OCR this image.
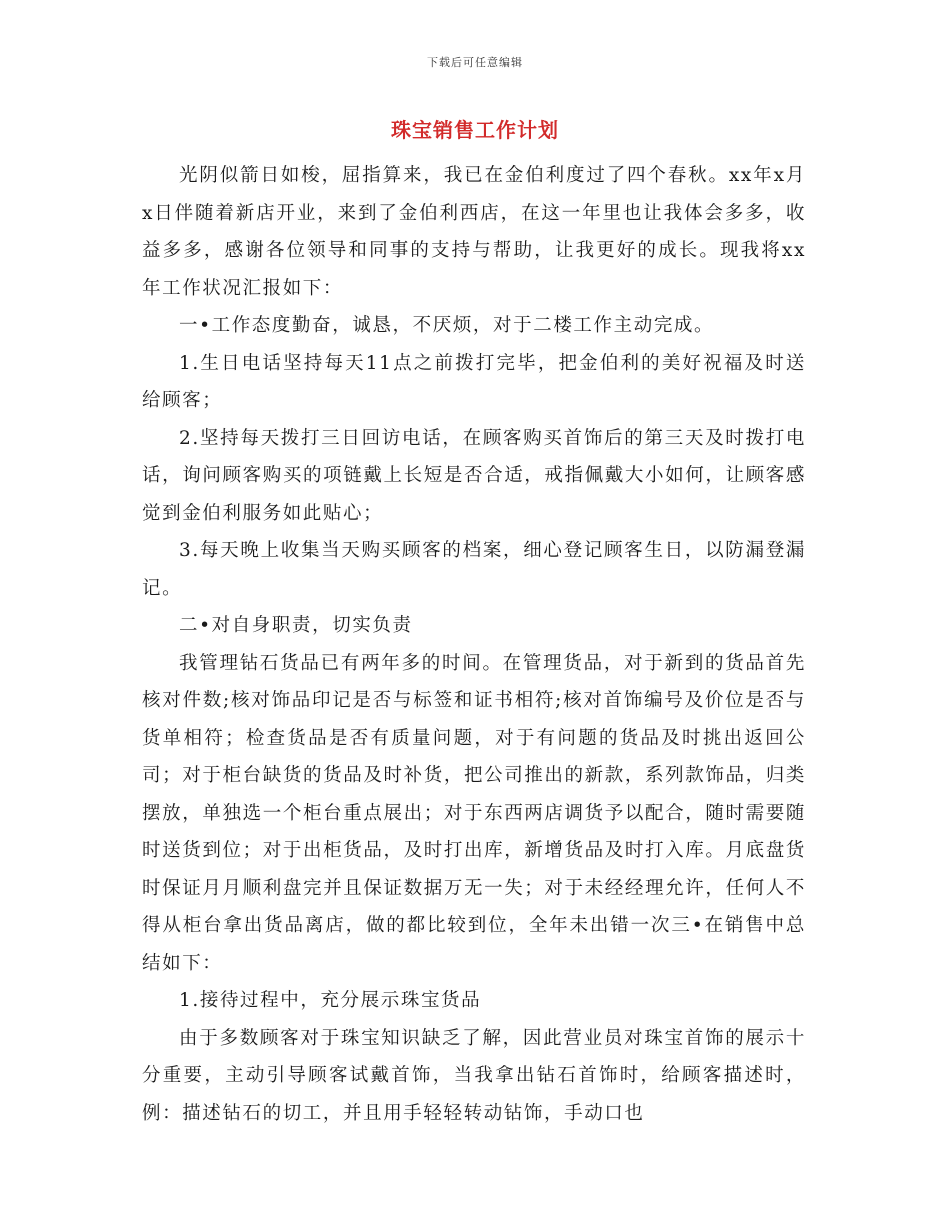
下载后可任意编辑
珠宝销售工作计划

光阴似箭日如梭，屈指算来，我已在金伯利度过了四个春秋。xx年x月x日伴随着新店开业，来到了金伯利西店，在这一年里也让我体会多多，收益多多，感谢各位领导和同事的支持与帮助，让我更好的成长。现我将xx年工作状况汇报如下：

一•工作态度勤奋，诚恳，不厌烦，对于二楼工作主动完成。

1.生日电话坚持每天11点之前拨打完毕，把金伯利的美好祝福及时送给顾客；

2.坚持每天拨打三日回访电话，在顾客购买首饰后的第三天及时拨打电话，询问顾客购买的项链戴上长短是否合适，戒指佩戴大小如何，让顾客感觉到金伯利服务如此贴心；

3.每天晚上收集当天购买顾客的档案，细心登记顾客生日，以防漏登漏记。

二•对自身职责，切实负责

我管理钻石货品已有两年多的时间。在管理货品，对于新到的货品首先核对件数;核对饰品印记是否与标签和证书相符;核对首饰编号及价位是否与货单相符；检查货品是否有质量问题，对于有问题的货品及时挑出返回公司；对于柜台缺货的货品及时补货，把公司推出的新款，系列款饰品，归类摆放，单独选一个柜台重点展出；对于东西两店调货予以配合，随时需要随时送货到位；对于出柜货品，及时打出库，新增货品及时打入库。月底盘货时保证月月顺利盘完并且保证数据万无一失；对于未经经理允许，任何人不得从柜台拿出货品离店，做的都比较到位，全年未出错一次三•在销售中总结如下：

1.接待过程中，充分展示珠宝货品

由于多数顾客对于珠宝知识缺乏了解，因此营业员对珠宝首饰的展示十分重要，主动引导顾客试戴首饰，当我拿出钻石首饰时，给顾客描述时，例：描述钻石的切工，并且用手轻轻转动钻饰，手动口也
